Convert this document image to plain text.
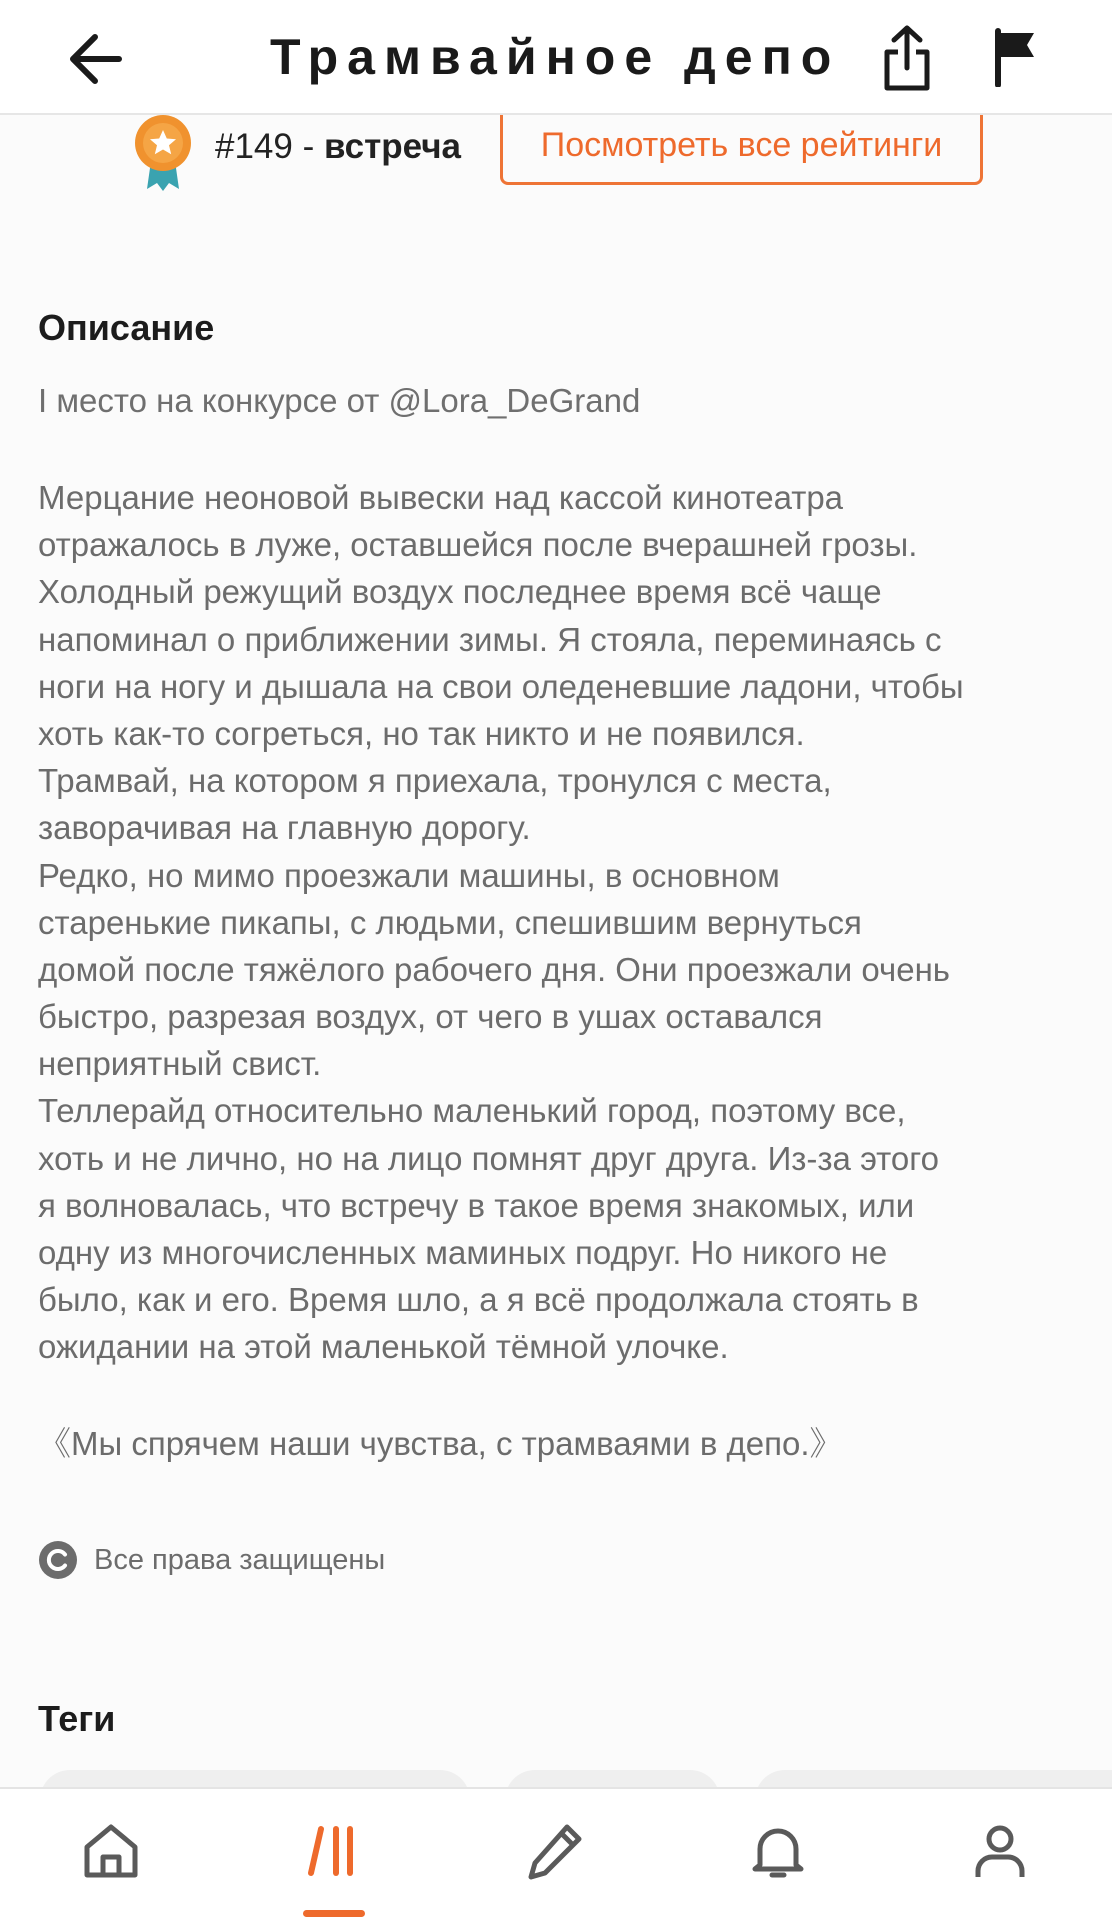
Трамвайное депо
#149 - встреча	Посмотреть все рейтинги
Описание
I место на конкурсе от @Lora_DeGrand
Мерцание неоновой вывески над кассой кинотеатра
отражалось в луже, оставшейся после вчерашней грозы.
Холодный режущий воздух последнее время всё чаще
напоминал о приближении зимы. Я стояла, переминаясь с
ноги на ногу и дышала на свои оледеневшие ладони, чтобы
хоть как-то согреться, но так никто и не появился.
Трамвай, на котором я приехала, тронулся с места,
заворачивая на главную дорогу.
Редко, но мимо проезжали машины, в основном
старенькие пикапы, с людьми, спешившим вернуться
домой после тяжёлого рабочего дня. Они проезжали очень
быстро, разрезая воздух, от чего в ушах оставался
неприятный свист.
Теллерайд относительно маленький город, поэтому все,
хоть и не лично, но на лицо помнят друг друга. Из-за этого
я волновалась, что встречу в такое время знакомых, или
одну из многочисленных маминых подруг. Но никого не
было, как и его. Время шло, а я всё продолжала стоять в
ожидании на этой маленькой тёмной улочке.
《Мы спрячем наши чувства, с трамваями в депо.》
Все права защищены
Теги
